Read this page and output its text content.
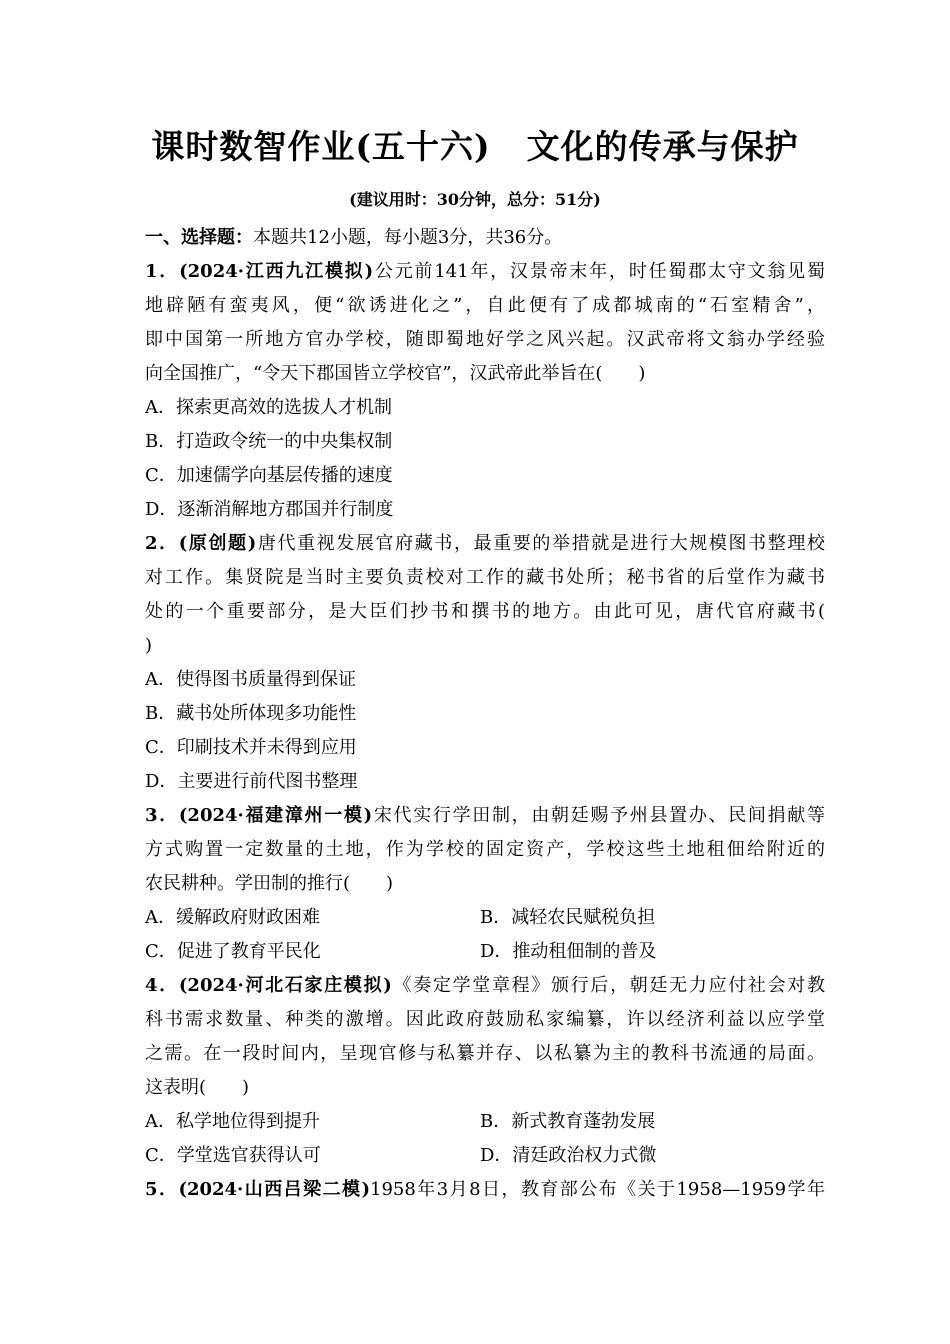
课时数智作业(五十六) 文化的传承与保护
(建议用时：30分钟，总分：51分)
一、选择题：本题共12小题，每小题3分，共36分。
1．(2024·江西九江模拟)公元前141年，汉景帝末年，时任蜀郡太守文翁见蜀
地辟陋有蛮夷风，便“欲诱进化之”，自此便有了成都城南的“石室精舍”，
即中国第一所地方官办学校，随即蜀地好学之风兴起。汉武帝将文翁办学经验
向全国推广，“令天下郡国皆立学校官”，汉武帝此举旨在(　　)
A．探索更高效的选拔人才机制
B．打造政令统一的中央集权制
C．加速儒学向基层传播的速度
D．逐渐消解地方郡国并行制度
2．(原创题)唐代重视发展官府藏书，最重要的举措就是进行大规模图书整理校
对工作。集贤院是当时主要负责校对工作的藏书处所；秘书省的后堂作为藏书
处的一个重要部分，是大臣们抄书和撰书的地方。由此可见，唐代官府藏书(
)
A．使得图书质量得到保证
B．藏书处所体现多功能性
C．印刷技术并未得到应用
D．主要进行前代图书整理
3．(2024·福建漳州一模)宋代实行学田制，由朝廷赐予州县置办、民间捐献等
方式购置一定数量的土地，作为学校的固定资产，学校这些土地租佃给附近的
农民耕种。学田制的推行(　　)
A．缓解政府财政困难	B．减轻农民赋税负担
C．促进了教育平民化	D．推动租佃制的普及
4．(2024·河北石家庄模拟)《奏定学堂章程》颁行后，朝廷无力应付社会对教
科书需求数量、种类的激增。因此政府鼓励私家编纂，许以经济利益以应学堂
之需。在一段时间内，呈现官修与私纂并存、以私纂为主的教科书流通的局面。
这表明(　　)
A．私学地位得到提升	B．新式教育蓬勃发展
C．学堂选官获得认可	D．清廷政治权力式微
5．(2024·山西吕梁二模)1958年3月8日，教育部公布《关于1958—1959学年
